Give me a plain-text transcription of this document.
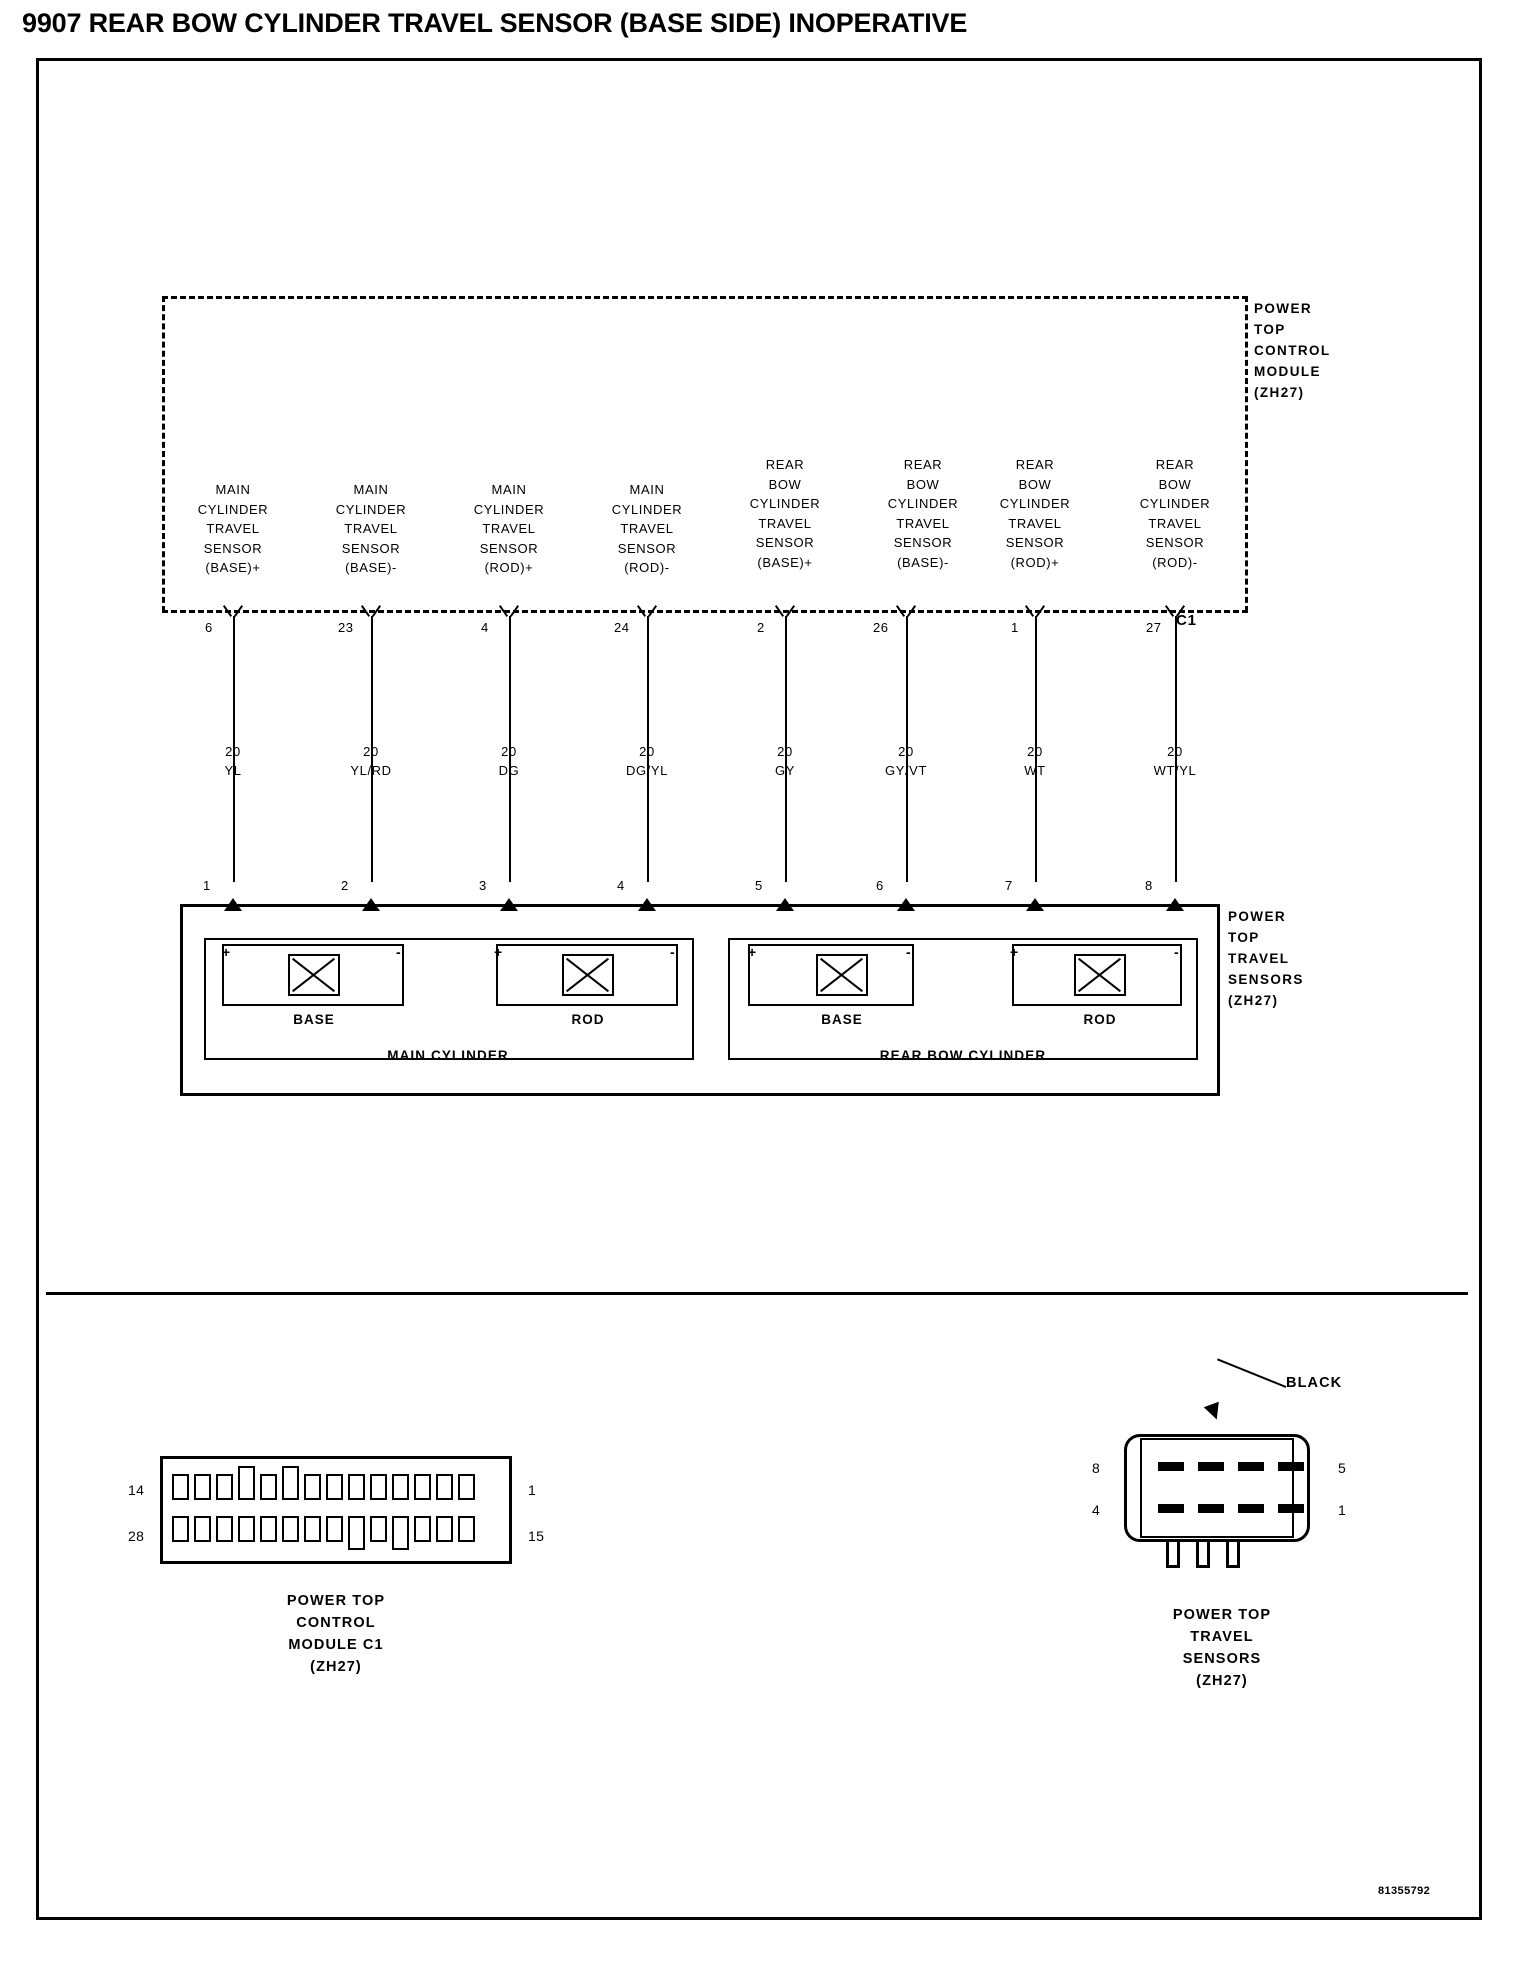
9907 REAR BOW CYLINDER TRAVEL SENSOR (BASE SIDE) INOPERATIVE
POWER
TOP
CONTROL
MODULE
(ZH27)
C1
MAIN
CYLINDER
TRAVEL
SENSOR
(BASE)+
6
20
YL
1
MAIN
CYLINDER
TRAVEL
SENSOR
(BASE)-
23
20
YL/RD
2
MAIN
CYLINDER
TRAVEL
SENSOR
(ROD)+
4
20
DG
3
MAIN
CYLINDER
TRAVEL
SENSOR
(ROD)-
24
20
DG/YL
4
REAR
BOW
CYLINDER
TRAVEL
SENSOR
(BASE)+
2
20
GY
5
REAR
BOW
CYLINDER
TRAVEL
SENSOR
(BASE)-
26
20
GY/VT
6
REAR
BOW
CYLINDER
TRAVEL
SENSOR
(ROD)+
1
20
WT
7
REAR
BOW
CYLINDER
TRAVEL
SENSOR
(ROD)-
27
20
WT/YL
8
POWER
TOP
TRAVEL
SENSORS
(ZH27)
BASE	ROD
MAIN CYLINDER
+	-	+	-
BASE	ROD
REAR BOW CYLINDER
+	-	+	-
14	1
28	15
POWER TOP
CONTROL
MODULE C1
(ZH27)
8	5
4	1
BLACK
POWER TOP
TRAVEL
SENSORS
(ZH27)
81355792
